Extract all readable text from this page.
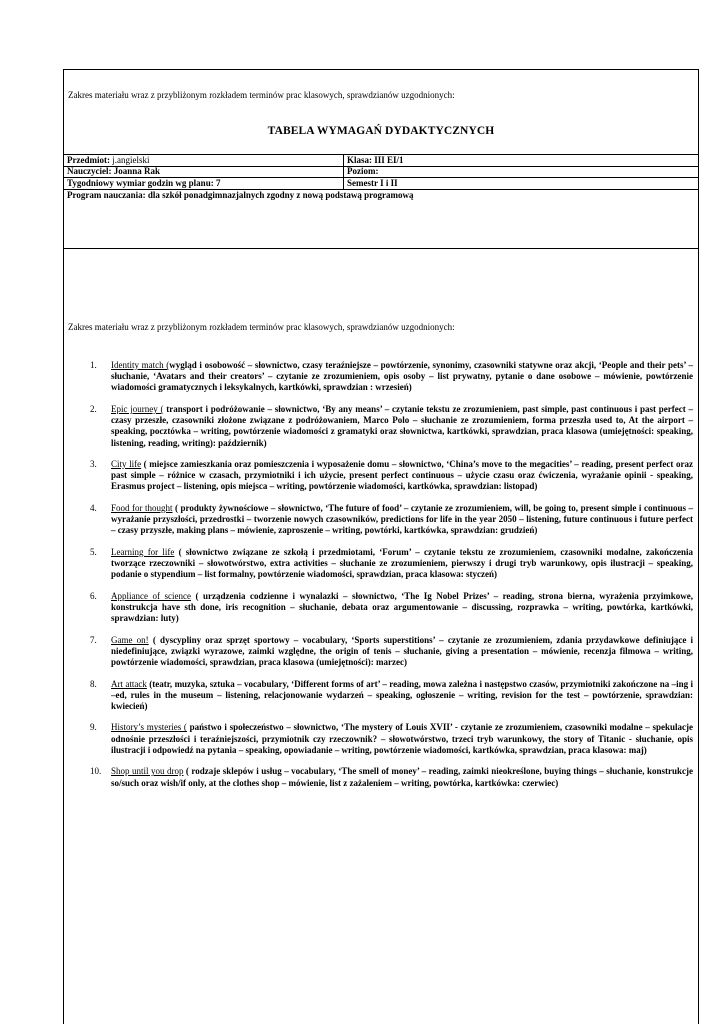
Zakres materiału wraz z przybliżonym rozkładem terminów prac klasowych, sprawdzianów uzgodnionych:
TABELA WYMAGAŃ DYDAKTYCZNYCH
Przedmiot: j.angielski	Klasa: III EI/1
Nauczyciel: Joanna Rak	Poziom:
Tygodniowy wymiar godzin wg planu: 7	Semestr I i II
Program nauczania: dla szkół ponadgimnazjalnych zgodny z nową podstawą programową
Zakres materiału wraz z przybliżonym rozkładem terminów prac klasowych, sprawdzianów uzgodnionych:
1. Identity match (wygląd i osobowość – słownictwo, czasy teraźniejsze – powtórzenie, synonimy, czasowniki statywne oraz akcji, ‘People and their pets’ – słuchanie, ‘Avatars and their creators’ – czytanie ze zrozumieniem, opis osoby – list prywatny, pytanie o dane osobowe – mówienie, powtórzenie wiadomości gramatycznych i leksykalnych, kartkówki, sprawdzian : wrzesień)
2. Epic journey ( transport i podróżowanie – słownictwo, ‘By any means’ – czytanie tekstu ze zrozumieniem, past simple, past continuous i past perfect – czasy przeszłe, czasowniki złożone związane z podróżowaniem, Marco Polo – słuchanie ze zrozumieniem, forma przeszła used to, At the airport – speaking, pocztówka – writing, powtórzenie wiadomości z gramatyki oraz słownictwa, kartkówki, sprawdzian, praca klasowa (umiejętności: speaking, listening, reading, writing): październik)
3. City life ( miejsce zamieszkania oraz pomieszczenia i wyposażenie domu – słownictwo, ‘China’s move to the megacities’ – reading, present perfect oraz past simple – różnice w czasach, przymiotniki i ich użycie, present perfect continuous – użycie czasu oraz ćwiczenia, wyrażanie opinii - speaking, Erasmus project – listening, opis miejsca – writing, powtórzenie wiadomości, kartkówka, sprawdzian: listopad)
4. Food for thought ( produkty żywnościowe – słownictwo, ‘The future of food’ – czytanie ze zrozumieniem, will, be going to, present simple i continuous – wyrażanie przyszłości, przedrostki – tworzenie nowych czasowników, predictions for life in the year 2050 – listening, future continuous i future perfect – czasy przyszłe, making plans – mówienie, zaproszenie – writing, powtórki, kartkówka, sprawdzian: grudzień)
5. Learning for life ( słownictwo związane ze szkołą i przedmiotami, ‘Forum’ – czytanie tekstu ze zrozumieniem, czasowniki modalne, zakończenia tworzące rzeczowniki – słowotwórstwo, extra activities – słuchanie ze zrozumieniem, pierwszy i drugi tryb warunkowy, opis ilustracji – speaking, podanie o stypendium – list formalny, powtórzenie wiadomości, sprawdzian, praca klasowa: styczeń)
6. Appliance of science ( urządzenia codzienne i wynalazki – słownictwo, ‘The Ig Nobel Prizes’ – reading, strona bierna, wyrażenia przyimkowe, konstrukcja have sth done, iris recognition – słuchanie, debata oraz argumentowanie – discussing, rozprawka – writing, powtórka, kartkówki, sprawdzian: luty)
7. Game on! ( dyscypliny oraz sprzęt sportowy – vocabulary, ‘Sports superstitions’ – czytanie ze zrozumieniem, zdania przydawkowe definiujące i niedefiniujące, związki wyrazowe, zaimki względne, the origin of tenis – słuchanie, giving a presentation – mówienie, recenzja filmowa – writing, powtórzenie wiadomości, sprawdzian, praca klasowa (umiejętności): marzec)
8. Art attack (teatr, muzyka, sztuka – vocabulary, ‘Different forms of art’ – reading, mowa zależna i następstwo czasów, przymiotniki zakończone na –ing i –ed, rules in the museum – listening, relacjonowanie wydarzeń – speaking, ogłoszenie – writing, revision for the test – powtórzenie, sprawdzian: kwiecień)
9. History’s mysteries ( państwo i społeczeństwo – słownictwo, ‘The mystery of Louis XVII’ - czytanie ze zrozumieniem, czasowniki modalne – spekulacje odnośnie przeszłości i teraźniejszości, przymiotnik czy rzeczownik? – słowotwórstwo, trzeci tryb warunkowy, the story of Titanic - słuchanie, opis ilustracji i odpowiedź na pytania – speaking, opowiadanie – writing, powtórzenie wiadomości, kartkówka, sprawdzian, praca klasowa: maj)
10. Shop until you drop ( rodzaje sklepów i usług – vocabulary, ‘The smell of money’ – reading, zaimki nieokreślone, buying things – słuchanie, konstrukcje so/such oraz wish/if only, at the clothes shop – mówienie, list z zażaleniem – writing, powtórka, kartkówka: czerwiec)
